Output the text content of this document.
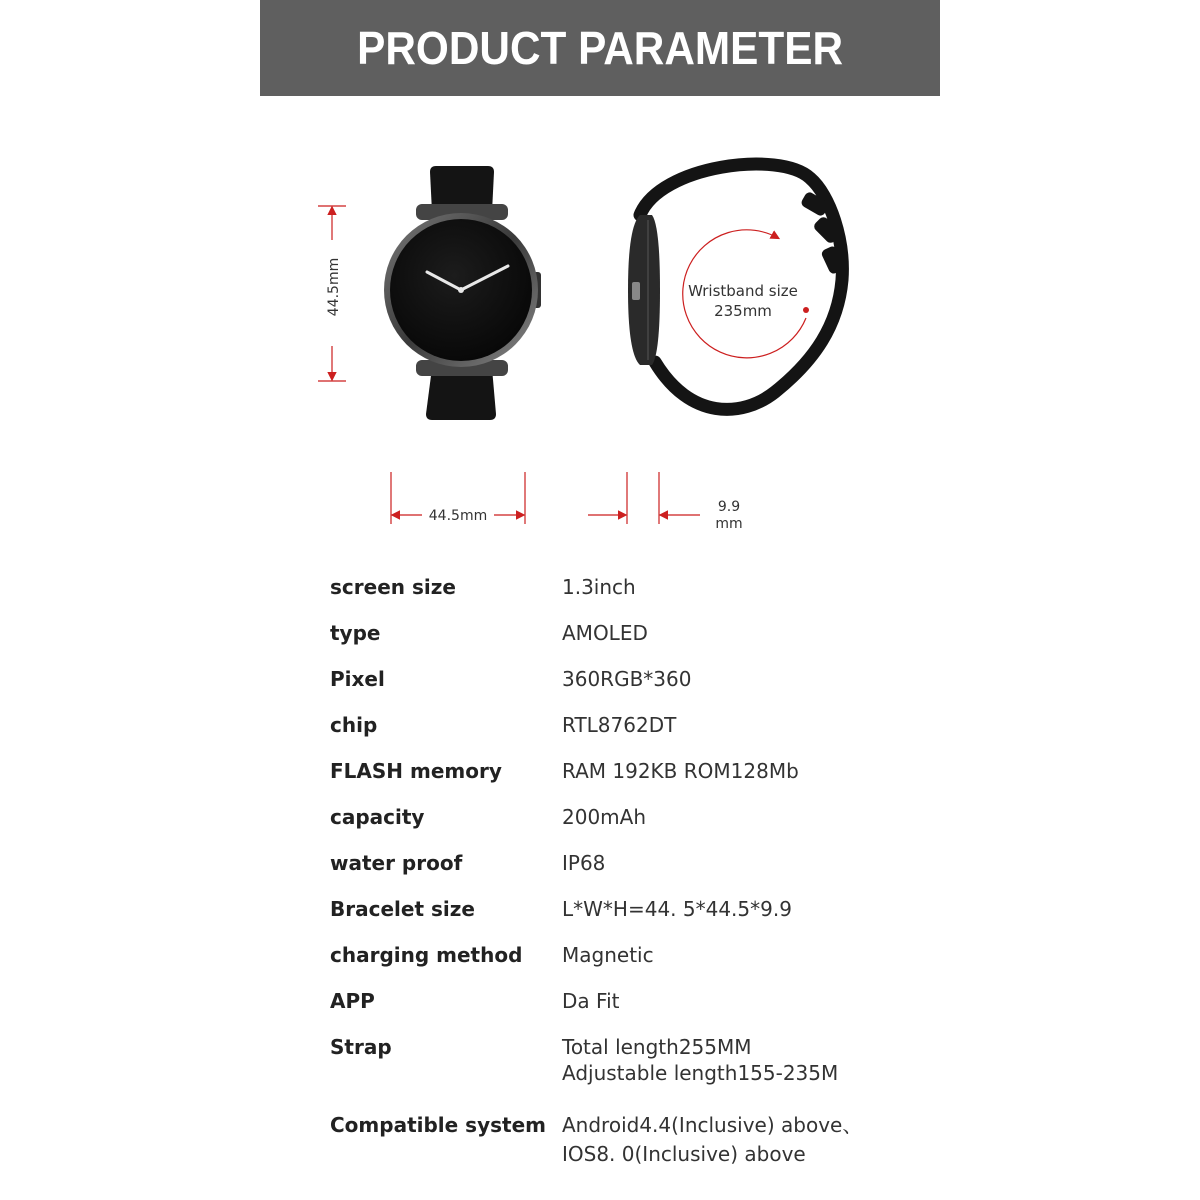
PRODUCT PARAMETER
44.5mm	Wristband size
235mm
44.5mm
9.9
mm
screen size	1.3inch
type	AMOLED
Pixel	360RGB*360
chip	RTL8762DT
FLASH memory	RAM 192KB ROM128Mb
capacity	200mAh
water proof	IP68
Bracelet size	L*W*H=44. 5*44.5*9.9
charging method	Magnetic
APP	Da Fit
Strap	Total length255MM
Adjustable length155-235M
Compatible system Android4.4(Inclusive) above、
IOS8. 0(Inclusive) above
